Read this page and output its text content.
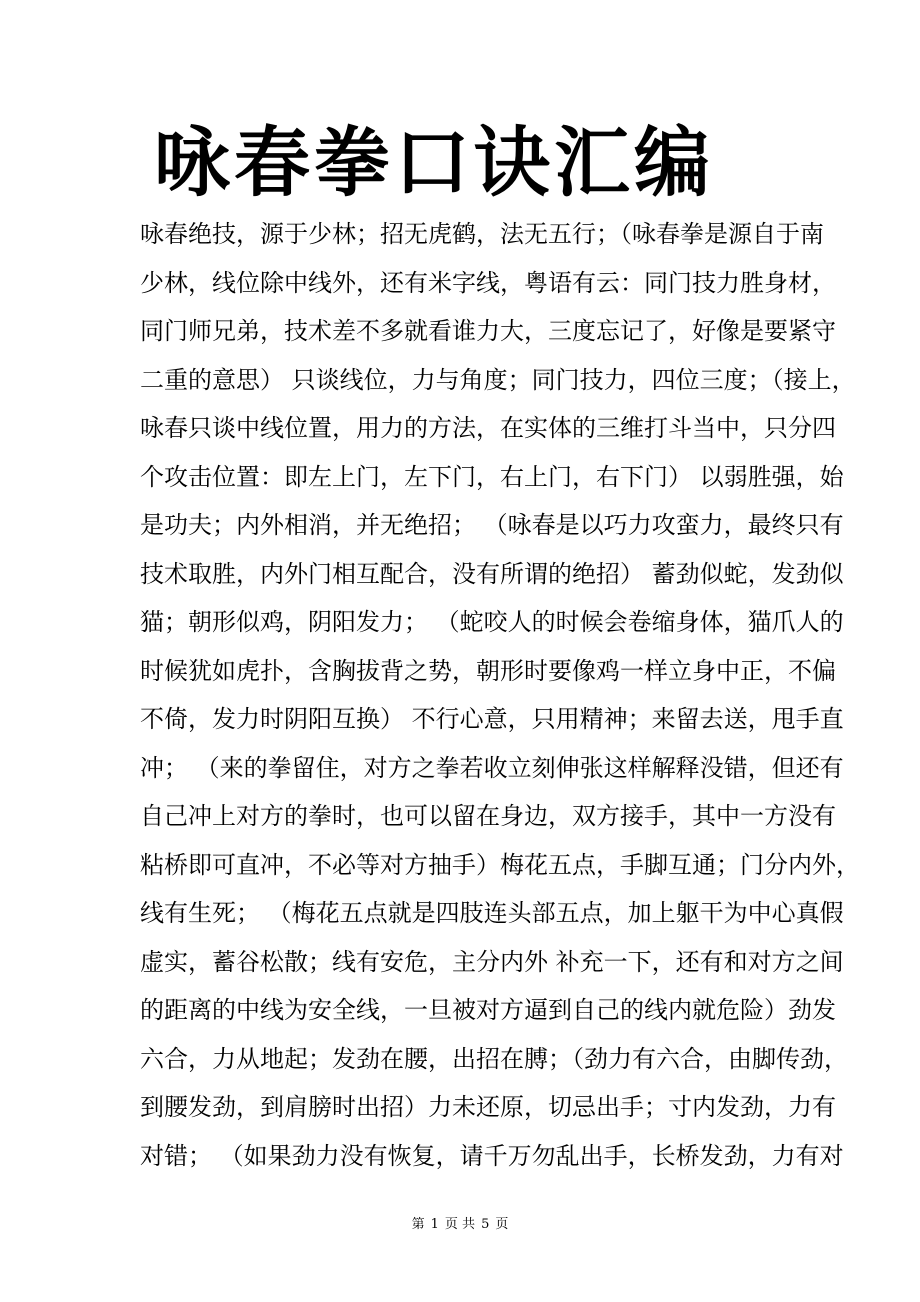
咏春拳口诀汇编
咏春绝技，源于少林；招无虎鹤，法无五行；（咏春拳是源自于南
少林，线位除中线外，还有米字线，粤语有云：同门技力胜身材，
同门师兄弟，技术差不多就看谁力大，三度忘记了，好像是要紧守
二重的意思） 只谈线位，力与角度；同门技力，四位三度；（接上，
咏春只谈中线位置，用力的方法，在实体的三维打斗当中，只分四
个攻击位置：即左上门，左下门，右上门，右下门） 以弱胜强，始
是功夫；内外相消，并无绝招； （咏春是以巧力攻蛮力，最终只有
技术取胜，内外门相互配合，没有所谓的绝招） 蓄劲似蛇，发劲似
猫；朝形似鸡，阴阳发力； （蛇咬人的时候会卷缩身体，猫爪人的
时候犹如虎扑，含胸拔背之势，朝形时要像鸡一样立身中正，不偏
不倚，发力时阴阳互换） 不行心意，只用精神；来留去送，甩手直
冲； （来的拳留住，对方之拳若收立刻伸张这样解释没错，但还有
自己冲上对方的拳时，也可以留在身边，双方接手，其中一方没有
粘桥即可直冲，不必等对方抽手）梅花五点，手脚互通；门分内外，
线有生死； （梅花五点就是四肢连头部五点，加上躯干为中心真假
虚实，蓄谷松散；线有安危，主分内外 补充一下，还有和对方之间
的距离的中线为安全线，一旦被对方逼到自己的线内就危险）劲发
六合，力从地起；发劲在腰，出招在膊；（劲力有六合，由脚传劲，
到腰发劲，到肩膀时出招）力未还原，切忌出手；寸内发劲，力有
对错； （如果劲力没有恢复，请千万勿乱出手，长桥发劲，力有对
第 1 页 共 5 页
